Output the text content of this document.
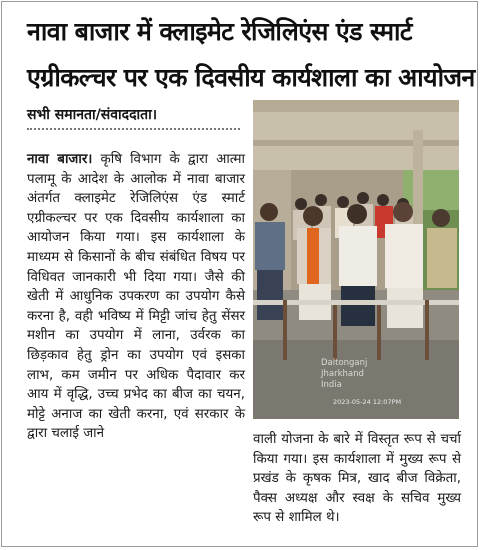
नावा बाजार में क्लाइमेट रेजिलिएंस एंड स्मार्ट
एग्रीकल्चर पर एक दिवसीय कार्यशाला का आयोजन
सभी समानता/संवाददाता।
नावा बाजार। कृषि विभाग के द्वारा आत्मा पलामू के आदेश के आलोक में नावा बाजार अंतर्गत क्लाइमेट रेजिलिएंस एंड स्मार्ट एग्रीकल्चर पर एक दिवसीय कार्यशाला का आयोजन किया गया। इस कार्यशाला के माध्यम से किसानों के बीच संबंधित विषय पर विधिवत जानकारी भी दिया गया। जैसे की खेती में आधुनिक उपकरण का उपयोग कैसे करना है, वही भविष्य में मिट्टी जांच हेतु सेंसर मशीन का उपयोग में लाना, उर्वरक का छिड़काव हेतु ड्रोन का उपयोग एवं इसका लाभ, कम जमीन पर अधिक पैदावार कर आय में वृद्धि, उच्च प्रभेद का बीज का चयन, मोट्टे अनाज का खेती करना, एवं सरकार के द्वारा चलाई जाने
Daltonganj
Jharkhand
India
2023-05-24 12:07PM
वाली योजना के बारे में विस्तृत रूप से चर्चा किया गया। इस कार्यशाला में मुख्य रूप से प्रखंड के कृषक मित्र, खाद बीज विक्रेता, पैक्स अध्यक्ष और स्वक्ष के सचिव मुख्य रूप से शामिल थे।
